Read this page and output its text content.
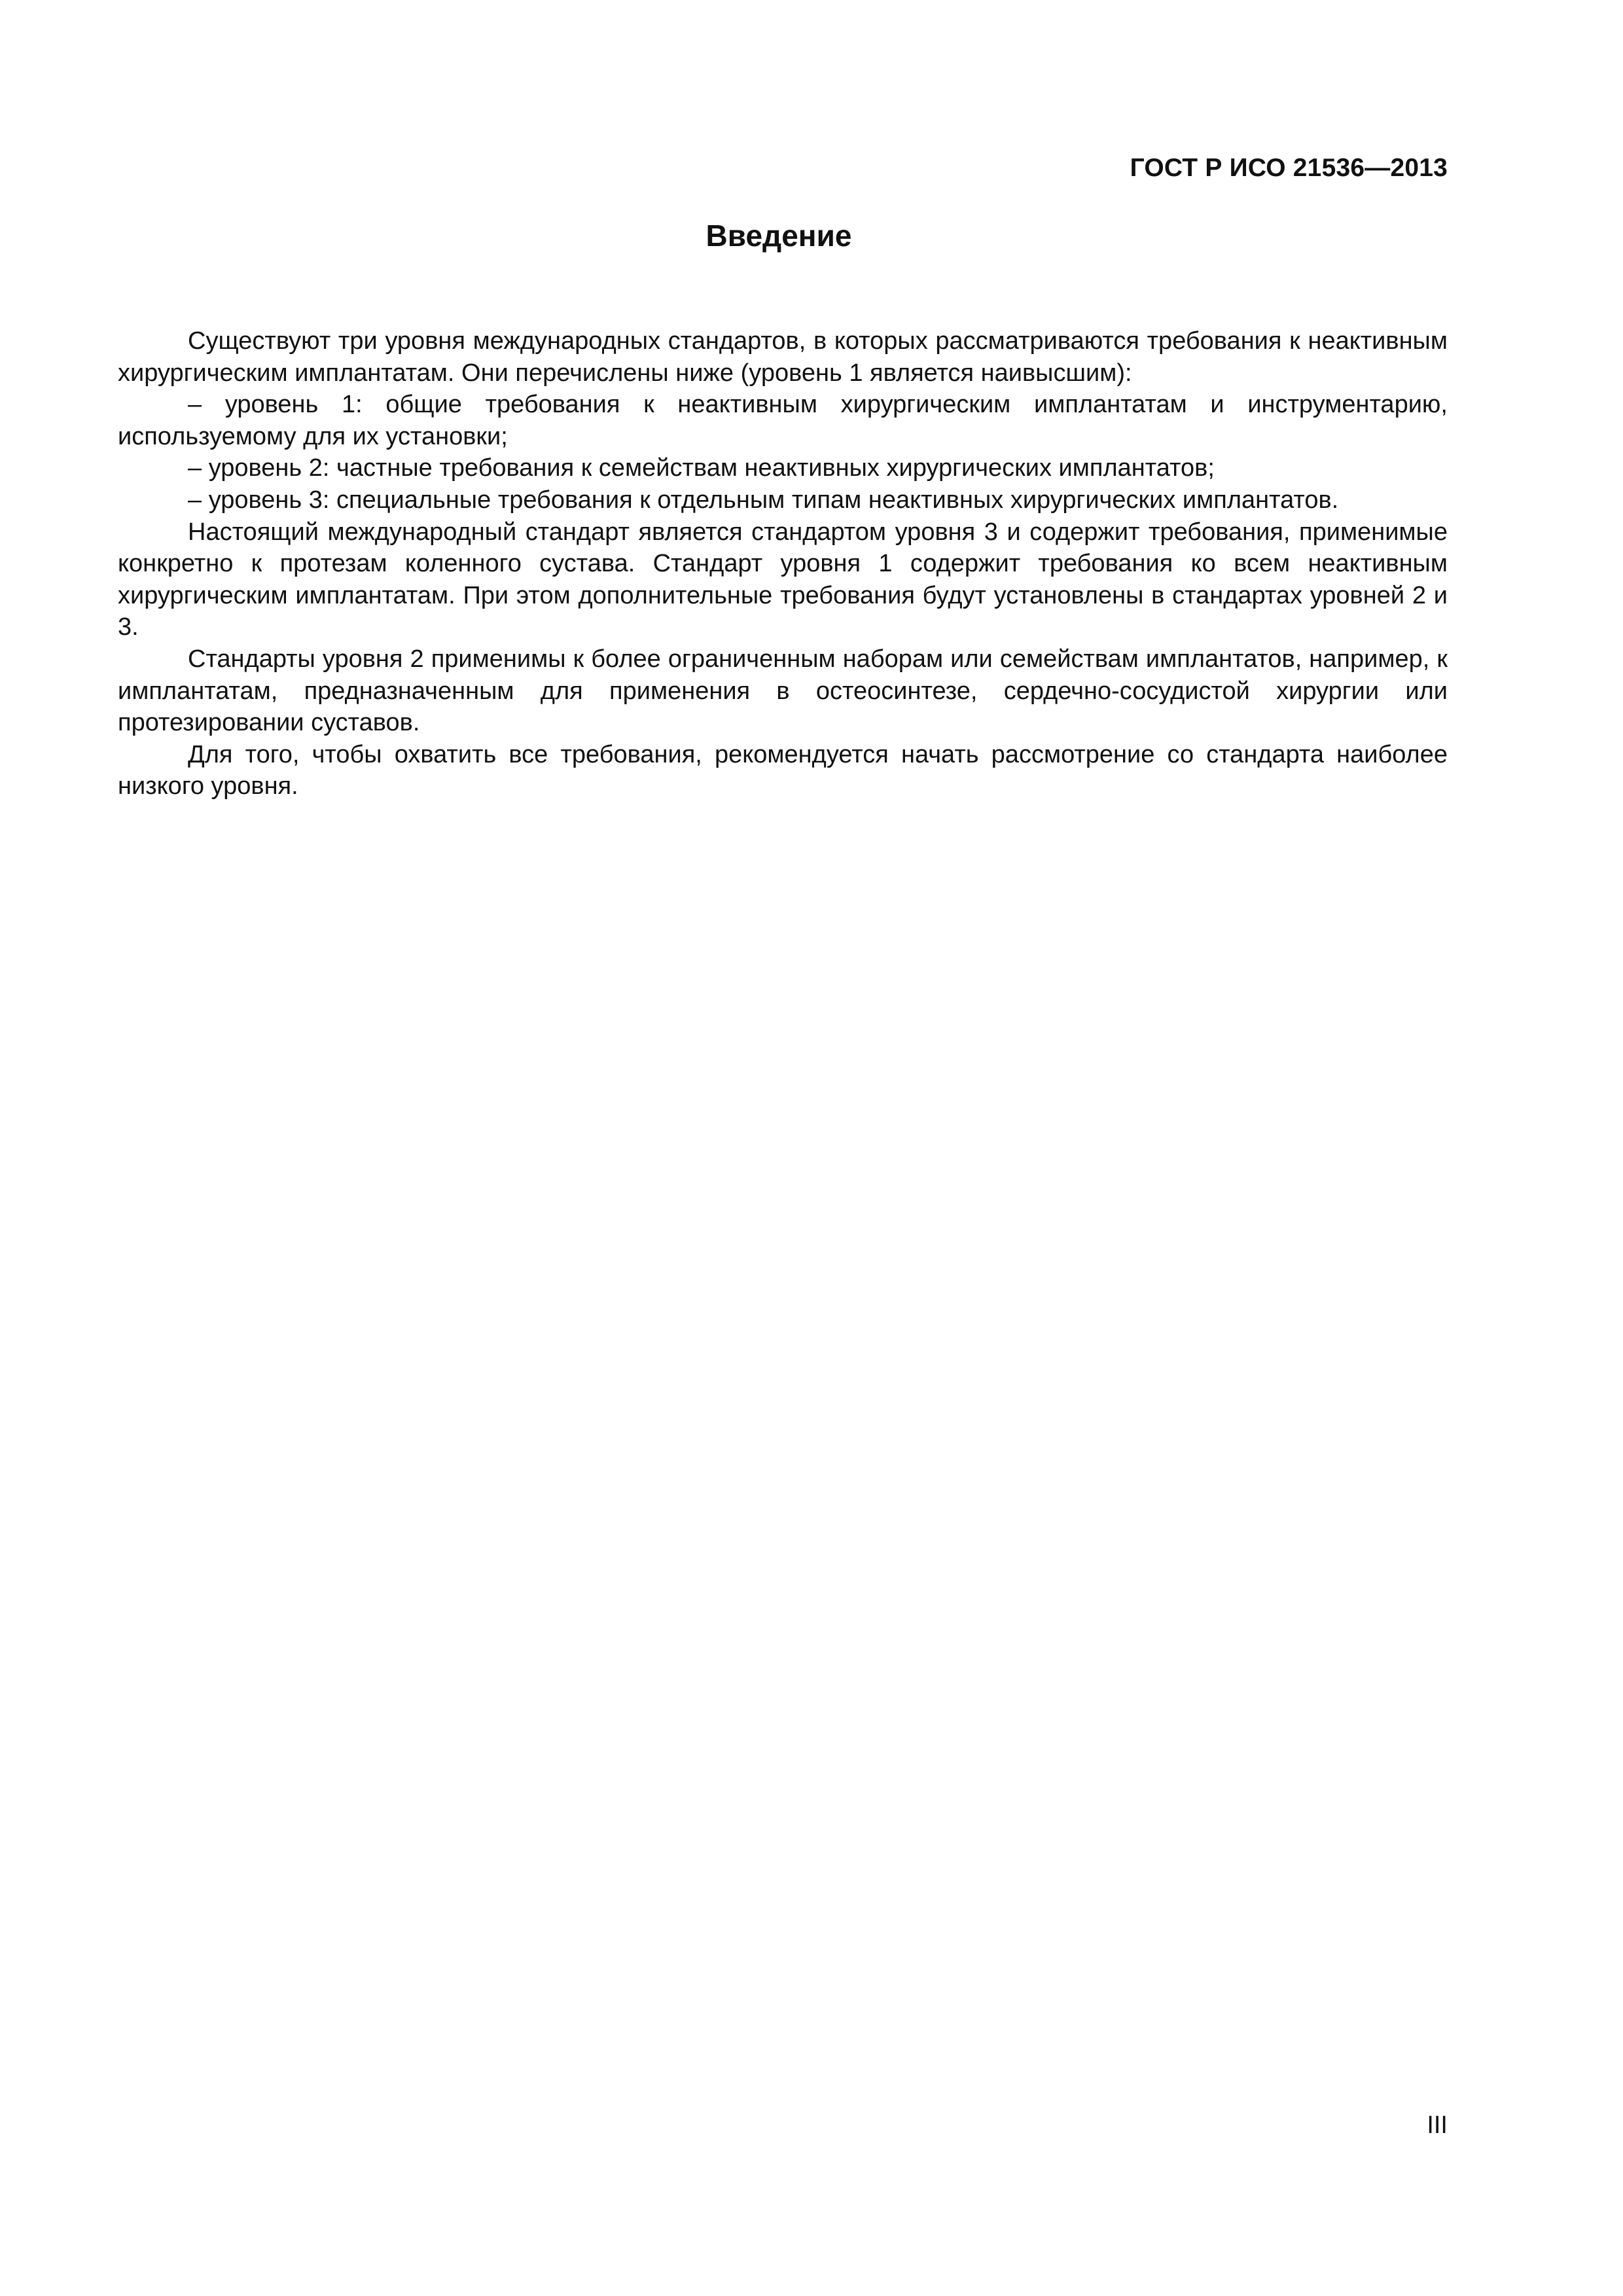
ГОСТ Р ИСО 21536—2013
Введение

Существуют три уровня международных стандартов, в которых рассматриваются требования к неактивным хирургическим имплантатам. Они перечислены ниже (уровень 1 является наивысшим):

– уровень 1: общие требования к неактивным хирургическим имплантатам и инструментарию, используемому для их установки;

– уровень 2: частные требования к семействам неактивных хирургических имплантатов;

– уровень 3: специальные требования к отдельным типам неактивных хирургических имплантатов.

Настоящий международный стандарт является стандартом уровня 3 и содержит требования, применимые конкретно к протезам коленного сустава. Стандарт уровня 1 содержит требования ко всем неактивным хирургическим имплантатам. При этом дополнительные требования будут установлены в стандартах уровней 2 и 3.

Стандарты уровня 2 применимы к более ограниченным наборам или семействам имплантатов, например, к имплантатам, предназначенным для применения в остеосинтезе, сердечно-сосудистой хирургии или протезировании суставов.

Для того, чтобы охватить все требования, рекомендуется начать рассмотрение со стандарта наиболее низкого уровня.

III
